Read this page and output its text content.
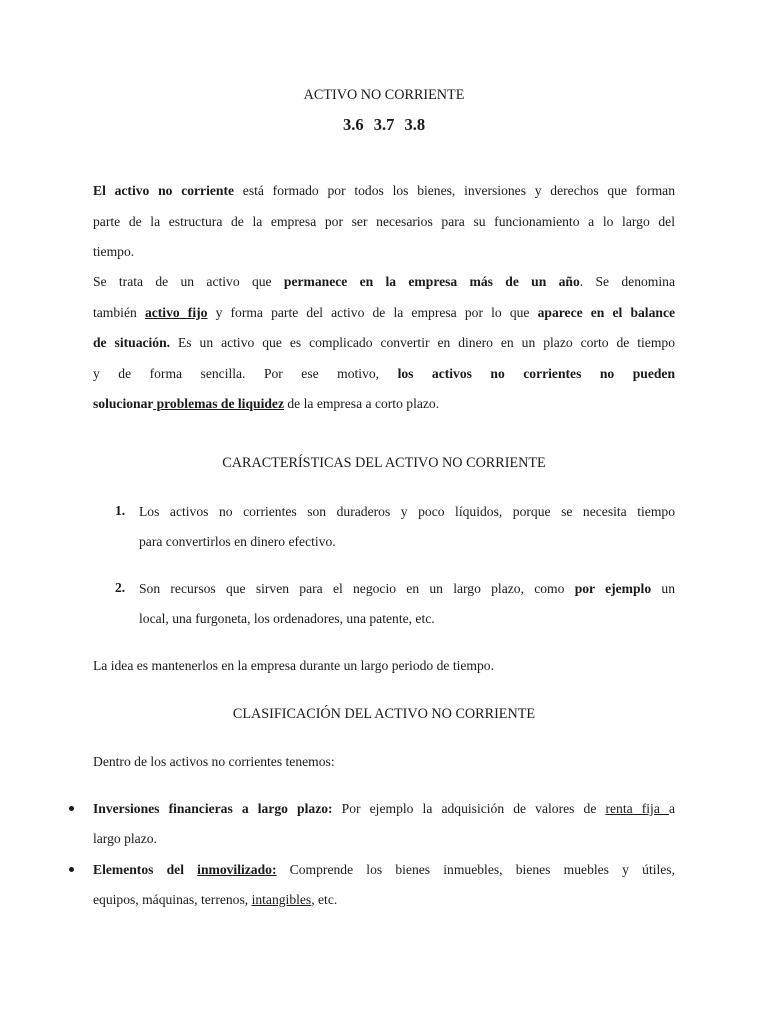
ACTIVO NO CORRIENTE
3.6 3.7 3.8
El activo no corriente está formado por todos los bienes, inversiones y derechos que forman
parte de la estructura de la empresa por ser necesarios para su funcionamiento a lo largo del
tiempo.
Se trata de un activo que permanece en la empresa más de un año. Se denomina
también activo fijo y forma parte del activo de la empresa por lo que aparece en el balance
de situación. Es un activo que es complicado convertir en dinero en un plazo corto de tiempo
y de forma sencilla. Por ese motivo, los activos no corrientes no pueden
solucionar problemas de liquidez de la empresa a corto plazo.
CARACTERÍSTICAS DEL ACTIVO NO CORRIENTE
1. Los activos no corrientes son duraderos y poco líquidos, porque se necesita tiempo
para convertirlos en dinero efectivo.
2. Son recursos que sirven para el negocio en un largo plazo, como por ejemplo un
local, una furgoneta, los ordenadores, una patente, etc.
La idea es mantenerlos en la empresa durante un largo periodo de tiempo.
CLASIFICACIÓN DEL ACTIVO NO CORRIENTE
Dentro de los activos no corrientes tenemos:
Inversiones financieras a largo plazo: Por ejemplo la adquisición de valores de renta fija a
largo plazo.
Elementos del inmovilizado: Comprende los bienes inmuebles, bienes muebles y útiles,
equipos, máquinas, terrenos, intangibles, etc.
